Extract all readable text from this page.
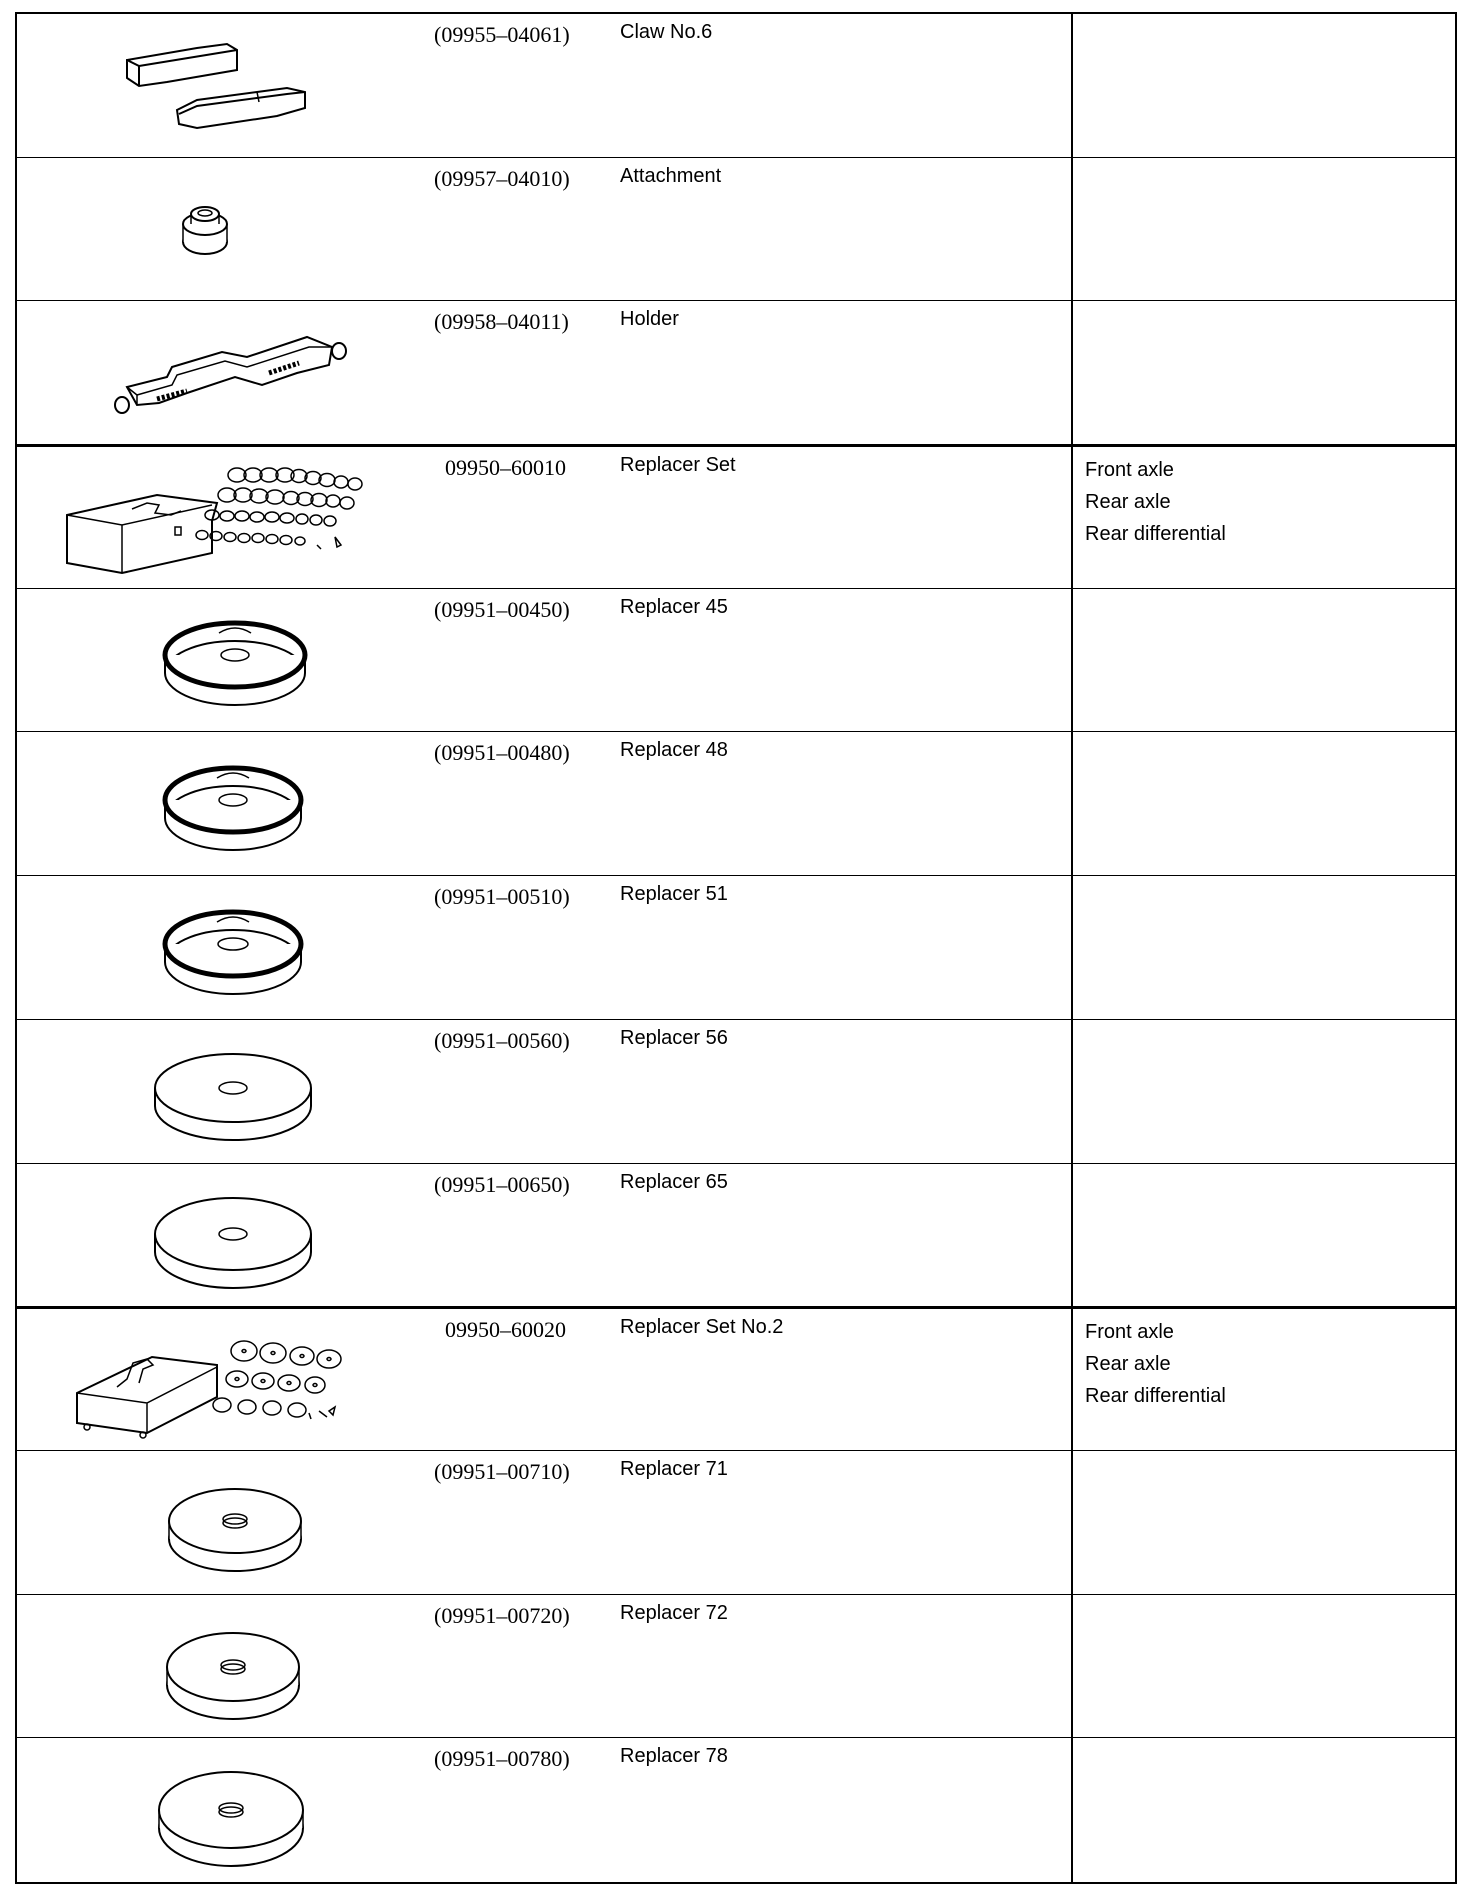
(09955–04061)	Claw No.6
(09957–04010)	Attachment
(09958–04011)	Holder
09950–60010	Replacer Set	Front axle
Rear axle
Rear differential
(09951–00450)	Replacer 45
(09951–00480)	Replacer 48
(09951–00510)	Replacer 51
(09951–00560)	Replacer 56
(09951–00650)	Replacer 65
09950–60020	Replacer Set No.2	Front axle
Rear axle
Rear differential
(09951–00710)	Replacer 71
(09951–00720)	Replacer 72
(09951–00780)	Replacer 78
